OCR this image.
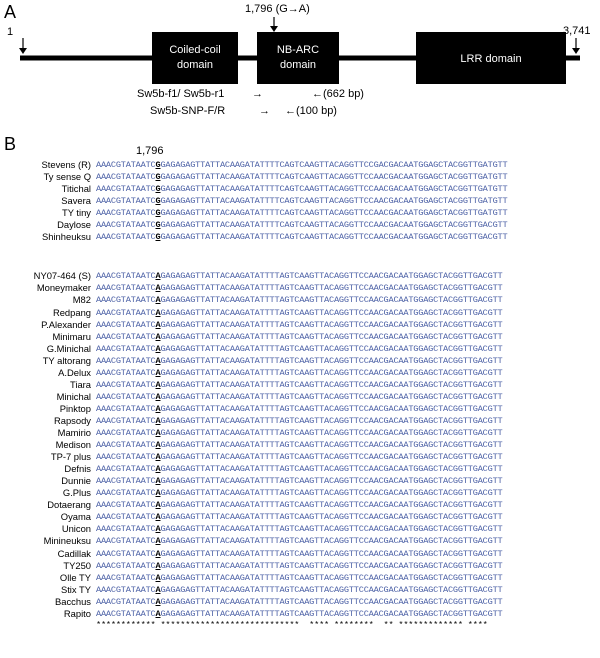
A
Coiled-coil
domain
NB-ARC
domain	LRR domain
1
1,796 (G→A)
3,741
Sw5b-f1/ Sw5b-r1	→	←(662 bp)
Sw5b-SNP-F/R	→ ←(100 bp)
B	1,796
Stevens (R) AAACGTATAATCGGAGAGAGTTATTACAAGATATTTTCAGTCAAGTTACAGGTTCCGACGACAATGGAGCTACGGTTGATGTT
Ty sense Q AAACGTATAATCGGAGAGAGTTATTACAAGATATTTTCAGTCAAGTTACAGGTTCCAACGACAATGGAGCTACGGTTGATGTT
Titichal AAACGTATAATCGGAGAGAGTTATTACAAGATATTTTCAGTCAAGTTACAGGTTCCAACGACAATGGAGCTACGGTTGATGTT
Savera AAACGTATAATCGGAGAGAGTTATTACAAGATATTTTCAGTCAAGTTACAGGTTCCAACGACAATGGAGCTACGGTTGATGTT
TY tiny AAACGTATAATCGGAGAGAGTTATTACAAGATATTTTCAGTCAAGTTACAGGTTCCAACGACAATGGAGCTACGGTTGATGTT
Daylose AAACGTATAATCGGAGAGAGTTATTACAAGATATTTTCAGTCAAGTTACAGGTTCCAACGACAATGGAGCTACGGTTGACGTT
Shinheuksu AAACGTATAATCGGAGAGAGTTATTACAAGATATTTTCAGTCAAGTTACAGGTTCCAACGACAATGGAGCTACGGTTGACGTT
NY07-464 (S) AAACGTATAATCAGAGAGAGTTATTACAAGATATTTTAGTCAAGTTACAGGTTCCAACGACAATGGAGCTACGGTTGACGTT
Moneymaker AAACGTATAATCAGAGAGAGTTATTACAAGATATTTTAGTCAAGTTACAGGTTCCAACGACAATGGAGCTACGGTTGACGTT
M82 AAACGTATAATCAGAGAGAGTTATTACAAGATATTTTAGTCAAGTTACAGGTTCCAACGACAATGGAGCTACGGTTGACGTT
Redpang AAACGTATAATCAGAGAGAGTTATTACAAGATATTTTAGTCAAGTTACAGGTTCCAACGACAATGGAGCTACGGTTGACGTT
P.Alexander AAACGTATAATCAGAGAGAGTTATTACAAGATATTTTAGTCAAGTTACAGGTTCCAACGACAATGGAGCTACGGTTGACGTT
Minimaru AAACGTATAATCAGAGAGAGTTATTACAAGATATTTTAGTCAAGTTACAGGTTCCAACGACAATGGAGCTACGGTTGACGTT
G.Minichal AAACGTATAATCAGAGAGAGTTATTACAAGATATTTTAGTCAAGTTACAGGTTCCAACGACAATGGAGCTACGGTTGACGTT
TY altorang AAACGTATAATCAGAGAGAGTTATTACAAGATATTTTAGTCAAGTTACAGGTTCCAACGACAATGGAGCTACGGTTGACGTT
A.Delux AAACGTATAATCAGAGAGAGTTATTACAAGATATTTTAGTCAAGTTACAGGTTCCAACGACAATGGAGCTACGGTTGACGTT
Tiara AAACGTATAATCAGAGAGAGTTATTACAAGATATTTTAGTCAAGTTACAGGTTCCAACGACAATGGAGCTACGGTTGACGTT
Minichal AAACGTATAATCAGAGAGAGTTATTACAAGATATTTTAGTCAAGTTACAGGTTCCAACGACAATGGAGCTACGGTTGACGTT
Pinktop AAACGTATAATCAGAGAGAGTTATTACAAGATATTTTAGTCAAGTTACAGGTTCCAACGACAATGGAGCTACGGTTGACGTT
Rapsody AAACGTATAATCAGAGAGAGTTATTACAAGATATTTTAGTCAAGTTACAGGTTCCAACGACAATGGAGCTACGGTTGACGTT
Mamirio AAACGTATAATCAGAGAGAGTTATTACAAGATATTTTAGTCAAGTTACAGGTTCCAACGACAATGGAGCTACGGTTGACGTT
Medison AAACGTATAATCAGAGAGAGTTATTACAAGATATTTTAGTCAAGTTACAGGTTCCAACGACAATGGAGCTACGGTTGACGTT
TP-7 plus AAACGTATAATCAGAGAGAGTTATTACAAGATATTTTAGTCAAGTTACAGGTTCCAACGACAATGGAGCTACGGTTGACGTT
Defnis AAACGTATAATCAGAGAGAGTTATTACAAGATATTTTAGTCAAGTTACAGGTTCCAACGACAATGGAGCTACGGTTGACGTT
Dunnie AAACGTATAATCAGAGAGAGTTATTACAAGATATTTTAGTCAAGTTACAGGTTCCAACGACAATGGAGCTACGGTTGACGTT
G.Plus AAACGTATAATCAGAGAGAGTTATTACAAGATATTTTAGTCAAGTTACAGGTTCCAACGACAATGGAGCTACGGTTGACGTT
Dotaerang AAACGTATAATCAGAGAGAGTTATTACAAGATATTTTAGTCAAGTTACAGGTTCCAACGACAATGGAGCTACGGTTGACGTT
Oyama AAACGTATAATCAGAGAGAGTTATTACAAGATATTTTAGTCAAGTTACAGGTTCCAACGACAATGGAGCTACGGTTGACGTT
Unicon AAACGTATAATCAGAGAGAGTTATTACAAGATATTTTAGTCAAGTTACAGGTTCCAACGACAATGGAGCTACGGTTGACGTT
Minineuksu AAACGTATAATCAGAGAGAGTTATTACAAGATATTTTAGTCAAGTTACAGGTTCCAACGACAATGGAGCTACGGTTGACGTT
Cadillak AAACGTATAATCAGAGAGAGTTATTACAAGATATTTTAGTCAAGTTACAGGTTCCAACGACAATGGAGCTACGGTTGACGTT
TY250 AAACGTATAATCAGAGAGAGTTATTACAAGATATTTTAGTCAAGTTACAGGTTCCAACGACAATGGAGCTACGGTTGACGTT
Olle TY AAACGTATAATCAGAGAGAGTTATTACAAGATATTTTAGTCAAGTTACAGGTTCCAACGACAATGGAGCTACGGTTGACGTT
Stix TY AAACGTATAATCAGAGAGAGTTATTACAAGATATTTTAGTCAAGTTACAGGTTCCAACGACAATGGAGCTACGGTTGACGTT
Bacchus AAACGTATAATCAGAGAGAGTTATTACAAGATATTTTAGTCAAGTTACAGGTTCCAACGACAATGGAGCTACGGTTGACGTT
Rapito AAACGTATAATCAGAGAGAGTTATTACAAGATATTTTAGTCAAGTTACAGGTTCCAACGACAATGGAGCTACGGTTGACGTT
************ ****************************  **** ********  ** ************* ****
